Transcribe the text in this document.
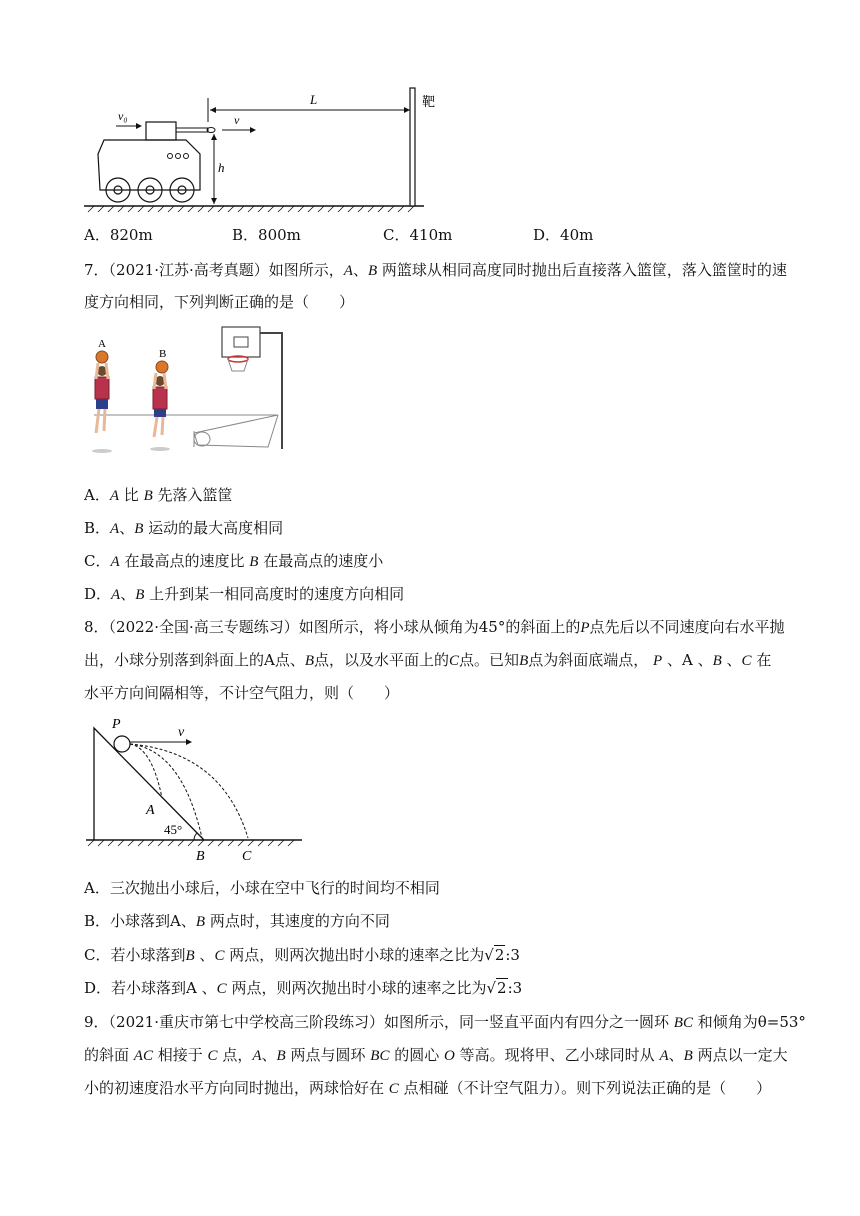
v₀	v
L
h
靶
A．820m	B．800m	C．410m	D．40m
7．（2021·江苏·高考真题）如图所示，A、B 两篮球从相同高度同时抛出后直接落入篮筐，落入篮筐时的速
度方向相同，下列判断正确的是（　　）
A
B
A．A 比 B 先落入篮筐
B．A、B 运动的最大高度相同
C．A 在最高点的速度比 B 在最高点的速度小
D．A、B 上升到某一相同高度时的速度方向相同
8．（2022·全国·高三专题练习）如图所示，将小球从倾角为45°的斜面上的P点先后以不同速度向右水平抛
出，小球分别落到斜面上的A点、B点，以及水平面上的C点。已知B点为斜面底端点， P 、A 、B 、C 在
水平方向间隔相等，不计空气阻力，则（　　）
P
v
A
45°
B	C
A．三次抛出小球后，小球在空中飞行的时间均不相同
B．小球落到A、B 两点时，其速度的方向不同
C．若小球落到B 、C 两点，则两次抛出时小球的速率之比为√2:3
D．若小球落到A 、C 两点，则两次抛出时小球的速率之比为√2:3
9．（2021·重庆市第七中学校高三阶段练习）如图所示，同一竖直平面内有四分之一圆环 BC 和倾角为θ=53°
的斜面 AC 相接于 C 点，A、B 两点与圆环 BC 的圆心 O 等高。现将甲、乙小球同时从 A、B 两点以一定大
小的初速度沿水平方向同时抛出，两球恰好在 C 点相碰（不计空气阻力）。则下列说法正确的是（　　）
